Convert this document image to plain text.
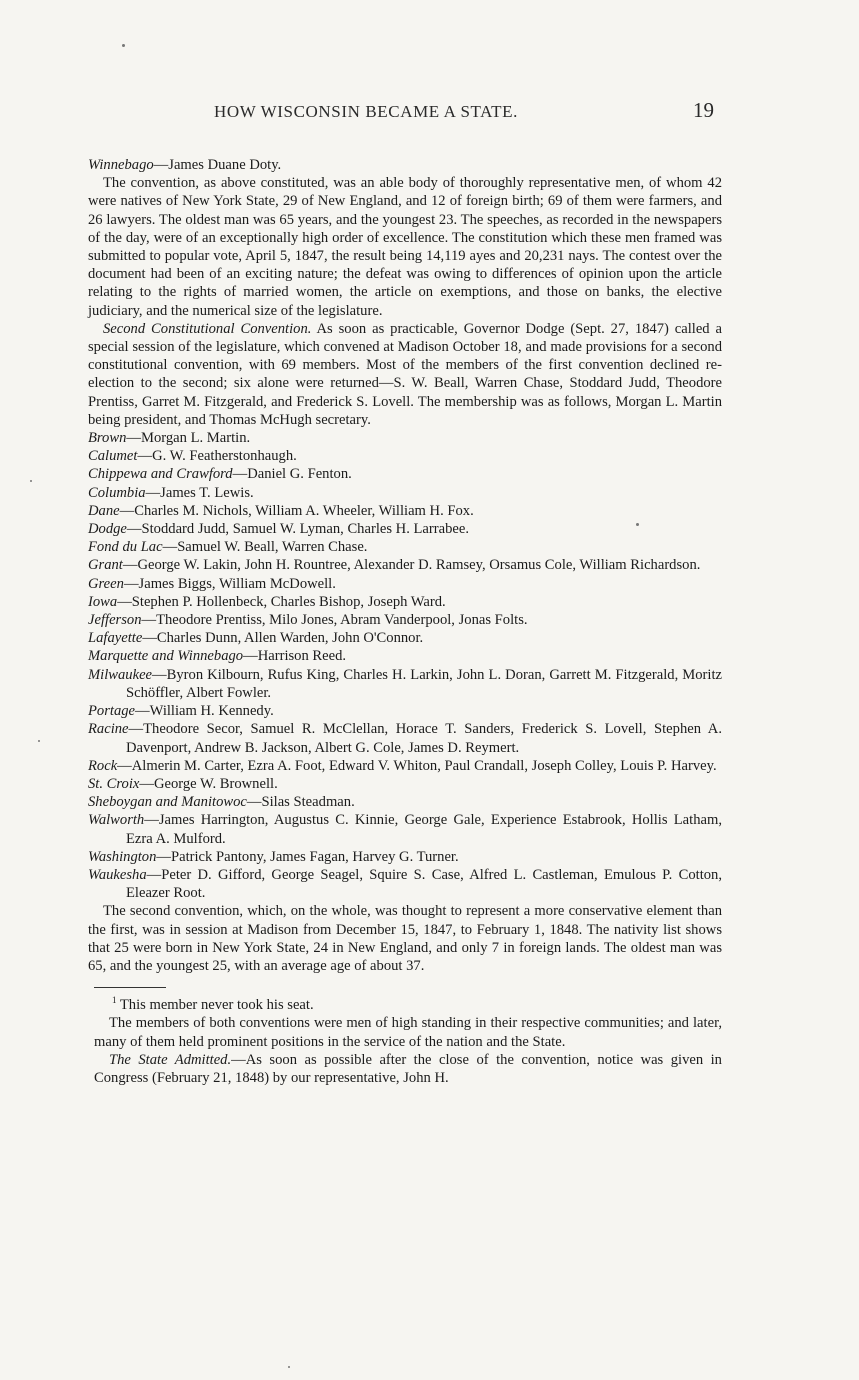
HOW WISCONSIN BECAME A STATE.	19

Winnebago—James Duane Doty.

The convention, as above constituted, was an able body of thoroughly representative men, of whom 42 were natives of New York State, 29 of New England, and 12 of foreign birth; 69 of them were farmers, and 26 lawyers. The oldest man was 65 years, and the youngest 23. The speeches, as recorded in the newspapers of the day, were of an exceptionally high order of excellence. The constitution which these men framed was submitted to popular vote, April 5, 1847, the result being 14,119 ayes and 20,231 nays. The contest over the document had been of an exciting nature; the defeat was owing to differences of opinion upon the article relating to the rights of married women, the article on exemptions, and those on banks, the elective judiciary, and the numerical size of the legislature.

Second Constitutional Convention. As soon as practicable, Governor Dodge (Sept. 27, 1847) called a special session of the legislature, which convened at Madison October 18, and made provisions for a second constitutional convention, with 69 members. Most of the members of the first convention declined re-election to the second; six alone were returned—S. W. Beall, Warren Chase, Stoddard Judd, Theodore Prentiss, Garret M. Fitzgerald, and Frederick S. Lovell. The membership was as follows, Morgan L. Martin being president, and Thomas McHugh secretary.

Brown—Morgan L. Martin.
Calumet—G. W. Featherstonhaugh.
Chippewa and Crawford—Daniel G. Fenton.
Columbia—James T. Lewis.
Dane—Charles M. Nichols, William A. Wheeler, William H. Fox.
Dodge—Stoddard Judd, Samuel W. Lyman, Charles H. Larrabee.
Fond du Lac—Samuel W. Beall, Warren Chase.
Grant—George W. Lakin, John H. Rountree, Alexander D. Ramsey, Orsamus Cole, William Richardson.
Green—James Biggs, William McDowell.
Iowa—Stephen P. Hollenbeck, Charles Bishop, Joseph Ward.
Jefferson—Theodore Prentiss, Milo Jones, Abram Vanderpool, Jonas Folts.
Lafayette—Charles Dunn, Allen Warden, John O'Connor.
Marquette and Winnebago—Harrison Reed.
Milwaukee—Byron Kilbourn, Rufus King, Charles H. Larkin, John L. Doran, Garrett M. Fitzgerald, Moritz Schöffler, Albert Fowler.
Portage—William H. Kennedy.
Racine—Theodore Secor, Samuel R. McClellan, Horace T. Sanders, Frederick S. Lovell, Stephen A. Davenport, Andrew B. Jackson, Albert G. Cole, James D. Reymert.
Rock—Almerin M. Carter, Ezra A. Foot, Edward V. Whiton, Paul Crandall, Joseph Colley, Louis P. Harvey.
St. Croix—George W. Brownell.
Sheboygan and Manitowoc—Silas Steadman.
Walworth—James Harrington, Augustus C. Kinnie, George Gale, Experience Estabrook, Hollis Latham, Ezra A. Mulford.
Washington—Patrick Pantony, James Fagan, Harvey G. Turner.
Waukesha—Peter D. Gifford, George Seagel, Squire S. Case, Alfred L. Castleman, Emulous P. Cotton, Eleazer Root.

The second convention, which, on the whole, was thought to represent a more conservative element than the first, was in session at Madison from December 15, 1847, to February 1, 1848. The nativity list shows that 25 were born in New York State, 24 in New England, and only 7 in foreign lands. The oldest man was 65, and the youngest 25, with an average age of about 37.

$^1$ This member never took his seat.

The members of both conventions were men of high standing in their respective communities; and later, many of them held prominent positions in the service of the nation and the State.

The State Admitted.—As soon as possible after the close of the convention, notice was given in Congress (February 21, 1848) by our representative, John H.
